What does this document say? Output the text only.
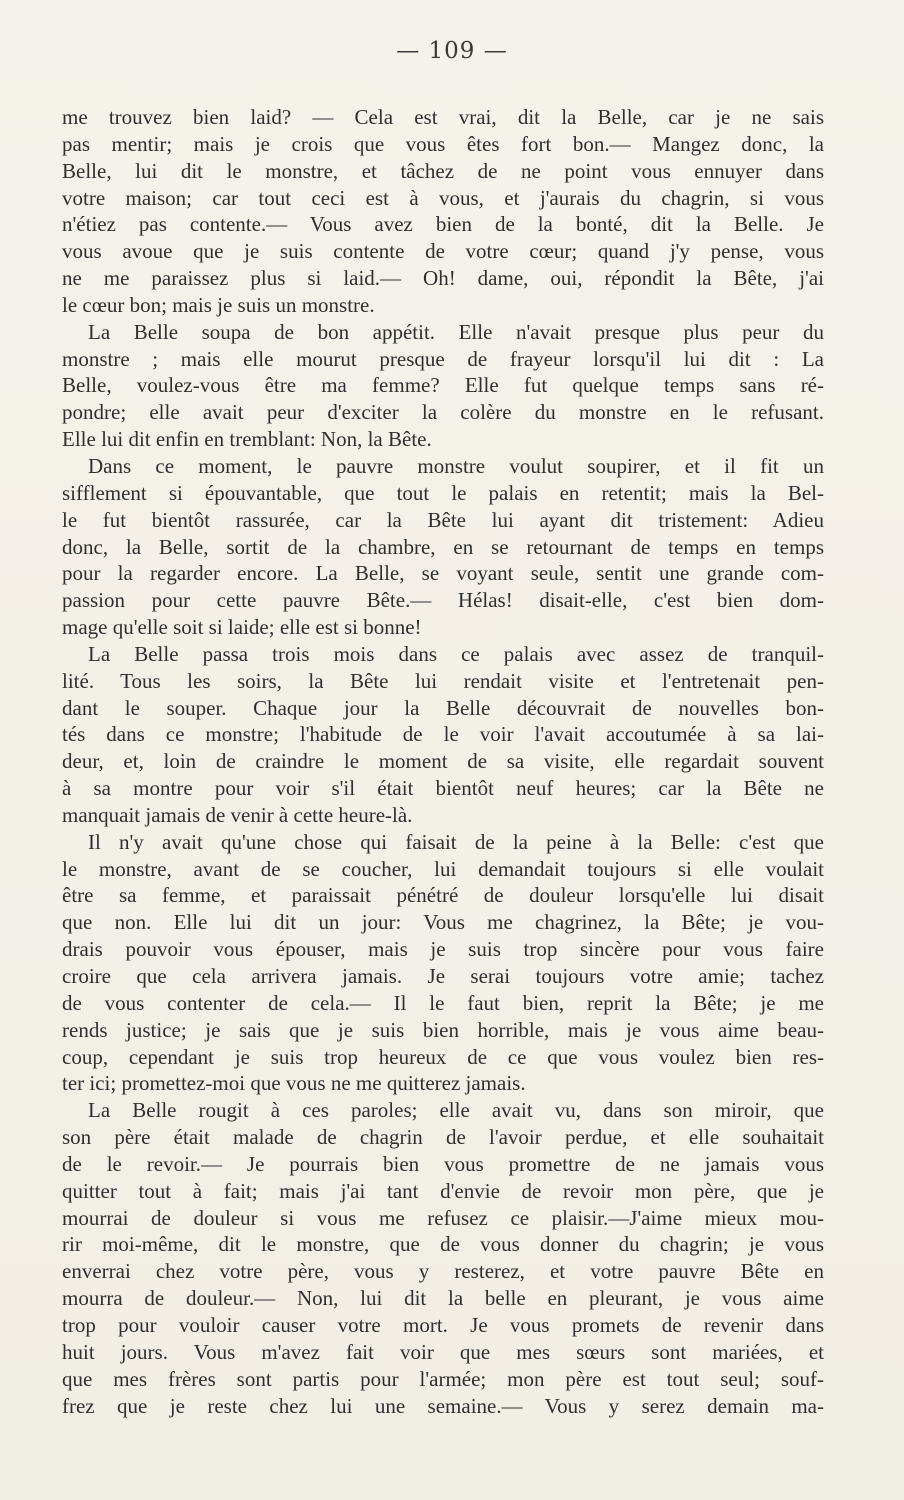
— 109 —
me trouvez bien laid? — Cela est vrai, dit la Belle, car je ne sais
pas mentir; mais je crois que vous êtes fort bon.— Mangez donc, la
Belle, lui dit le monstre, et tâchez de ne point vous ennuyer dans
votre maison; car tout ceci est à vous, et j'aurais du chagrin, si vous
n'étiez pas contente.— Vous avez bien de la bonté, dit la Belle. Je
vous avoue que je suis contente de votre cœur; quand j'y pense, vous
ne me paraissez plus si laid.— Oh! dame, oui, répondit la Bête, j'ai
le cœur bon; mais je suis un monstre.
La Belle soupa de bon appétit. Elle n'avait presque plus peur du
monstre ; mais elle mourut presque de frayeur lorsqu'il lui dit : La
Belle, voulez-vous être ma femme? Elle fut quelque temps sans ré-
pondre; elle avait peur d'exciter la colère du monstre en le refusant.
Elle lui dit enfin en tremblant: Non, la Bête.
Dans ce moment, le pauvre monstre voulut soupirer, et il fit un
sifflement si épouvantable, que tout le palais en retentit; mais la Bel-
le fut bientôt rassurée, car la Bête lui ayant dit tristement: Adieu
donc, la Belle, sortit de la chambre, en se retournant de temps en temps
pour la regarder encore. La Belle, se voyant seule, sentit une grande com-
passion pour cette pauvre Bête.— Hélas! disait-elle, c'est bien dom-
mage qu'elle soit si laide; elle est si bonne!
La Belle passa trois mois dans ce palais avec assez de tranquil-
lité. Tous les soirs, la Bête lui rendait visite et l'entretenait pen-
dant le souper. Chaque jour la Belle découvrait de nouvelles bon-
tés dans ce monstre; l'habitude de le voir l'avait accoutumée à sa lai-
deur, et, loin de craindre le moment de sa visite, elle regardait souvent
à sa montre pour voir s'il était bientôt neuf heures; car la Bête ne
manquait jamais de venir à cette heure-là.
Il n'y avait qu'une chose qui faisait de la peine à la Belle: c'est que
le monstre, avant de se coucher, lui demandait toujours si elle voulait
être sa femme, et paraissait pénétré de douleur lorsqu'elle lui disait
que non. Elle lui dit un jour: Vous me chagrinez, la Bête; je vou-
drais pouvoir vous épouser, mais je suis trop sincère pour vous faire
croire que cela arrivera jamais. Je serai toujours votre amie; tachez
de vous contenter de cela.— Il le faut bien, reprit la Bête; je me
rends justice; je sais que je suis bien horrible, mais je vous aime beau-
coup, cependant je suis trop heureux de ce que vous voulez bien res-
ter ici; promettez-moi que vous ne me quitterez jamais.
La Belle rougit à ces paroles; elle avait vu, dans son miroir, que
son père était malade de chagrin de l'avoir perdue, et elle souhaitait
de le revoir.— Je pourrais bien vous promettre de ne jamais vous
quitter tout à fait; mais j'ai tant d'envie de revoir mon père, que je
mourrai de douleur si vous me refusez ce plaisir.—J'aime mieux mou-
rir moi-même, dit le monstre, que de vous donner du chagrin; je vous
enverrai chez votre père, vous y resterez, et votre pauvre Bête en
mourra de douleur.— Non, lui dit la belle en pleurant, je vous aime
trop pour vouloir causer votre mort. Je vous promets de revenir dans
huit jours. Vous m'avez fait voir que mes sœurs sont mariées, et
que mes frères sont partis pour l'armée; mon père est tout seul; souf-
frez que je reste chez lui une semaine.— Vous y serez demain ma-
